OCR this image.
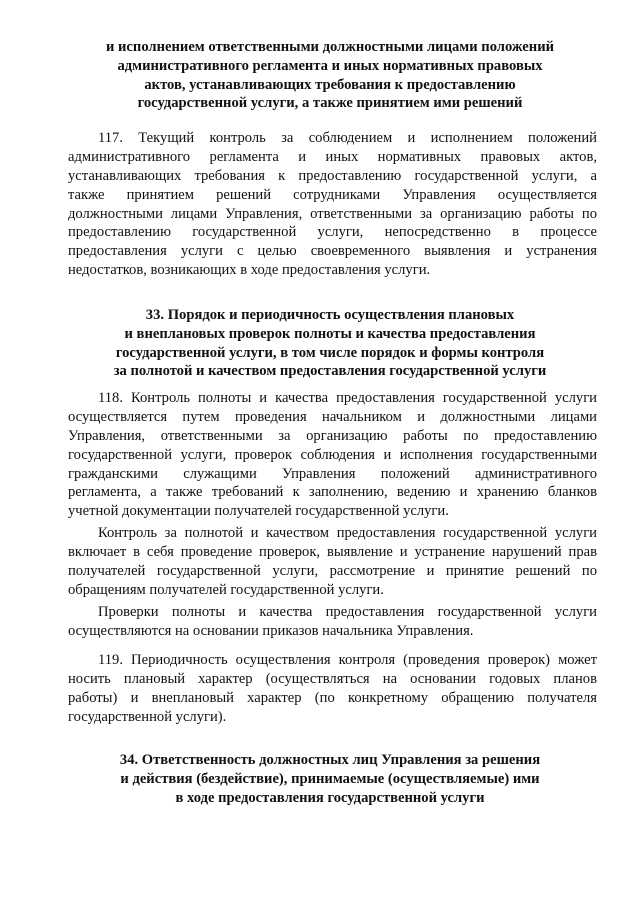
и исполнением ответственными должностными лицами положений
административного регламента и иных нормативных правовых
актов, устанавливающих требования к предоставлению
государственной услуги, а также принятием ими решений
117. Текущий контроль за соблюдением и исполнением положений
административного регламента и иных нормативных правовых актов,
устанавливающих требования к предоставлению государственной услуги, а
также принятием решений сотрудниками Управления осуществляется
должностными лицами Управления, ответственными за организацию работы по
предоставлению государственной услуги, непосредственно в процессе
предоставления услуги с целью своевременного выявления и устранения
недостатков, возникающих в ходе предоставления услуги.
33. Порядок и периодичность осуществления плановых
и внеплановых проверок полноты и качества предоставления
государственной услуги, в том числе порядок и формы контроля
за полнотой и качеством предоставления государственной услуги
118. Контроль полноты и качества предоставления государственной услуги
осуществляется путем проведения начальником и должностными лицами
Управления, ответственными за организацию работы по предоставлению
государственной услуги, проверок соблюдения и исполнения государственными
гражданскими служащими Управления положений административного
регламента, а также требований к заполнению, ведению и хранению бланков
учетной документации получателей государственной услуги.
Контроль за полнотой и качеством предоставления государственной услуги
включает в себя проведение проверок, выявление и устранение нарушений прав
получателей государственной услуги, рассмотрение и принятие решений по
обращениям получателей государственной услуги.
Проверки полноты и качества предоставления государственной услуги
осуществляются на основании приказов начальника Управления.
119. Периодичность осуществления контроля (проведения проверок) может
носить плановый характер (осуществляться на основании годовых планов
работы) и внеплановый характер (по конкретному обращению получателя
государственной услуги).
34. Ответственность должностных лиц Управления за решения
и действия (бездействие), принимаемые (осуществляемые) ими
в ходе предоставления государственной услуги
